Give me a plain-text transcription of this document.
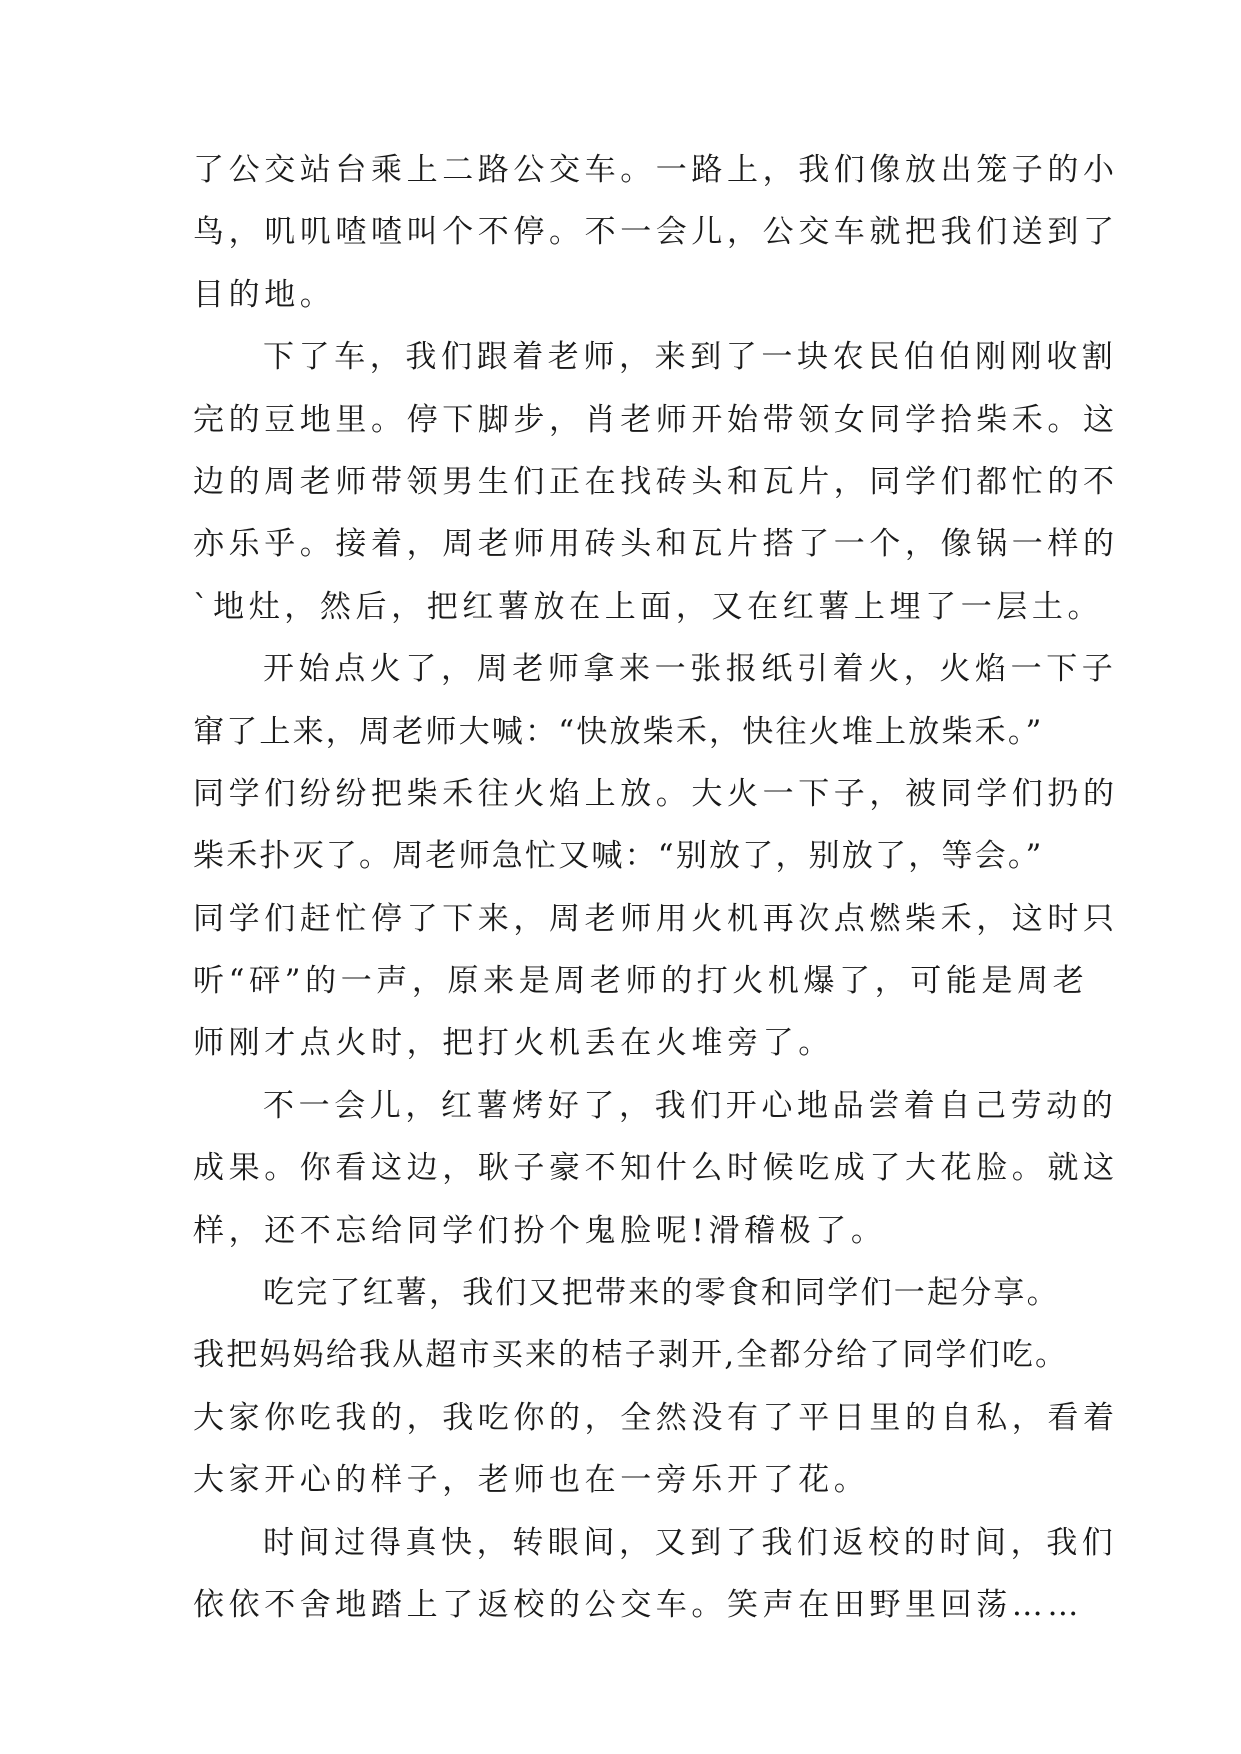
了公交站台乘上二路公交车。一路上，我们像放出笼子的小
鸟，叽叽喳喳叫个不停。不一会儿，公交车就把我们送到了
目的地。
下了车，我们跟着老师，来到了一块农民伯伯刚刚收割
完的豆地里。停下脚步，肖老师开始带领女同学拾柴禾。这
边的周老师带领男生们正在找砖头和瓦片，同学们都忙的不
亦乐乎。接着，周老师用砖头和瓦片搭了一个，像锅一样的
`地灶，然后，把红薯放在上面，又在红薯上埋了一层土。
开始点火了，周老师拿来一张报纸引着火，火焰一下子
窜了上来，周老师大喊：“快放柴禾，快往火堆上放柴禾。”
同学们纷纷把柴禾往火焰上放。大火一下子，被同学们扔的
柴禾扑灭了。周老师急忙又喊：“别放了，别放了，等会。”
同学们赶忙停了下来，周老师用火机再次点燃柴禾，这时只
听“砰”的一声，原来是周老师的打火机爆了，可能是周老
师刚才点火时，把打火机丢在火堆旁了。
不一会儿，红薯烤好了，我们开心地品尝着自己劳动的
成果。你看这边，耿子豪不知什么时候吃成了大花脸。就这
样，还不忘给同学们扮个鬼脸呢!滑稽极了。
吃完了红薯，我们又把带来的零食和同学们一起分享。
我把妈妈给我从超市买来的桔子剥开,全都分给了同学们吃。
大家你吃我的，我吃你的，全然没有了平日里的自私，看着
大家开心的样子，老师也在一旁乐开了花。
时间过得真快，转眼间，又到了我们返校的时间，我们
依依不舍地踏上了返校的公交车。笑声在田野里回荡……
